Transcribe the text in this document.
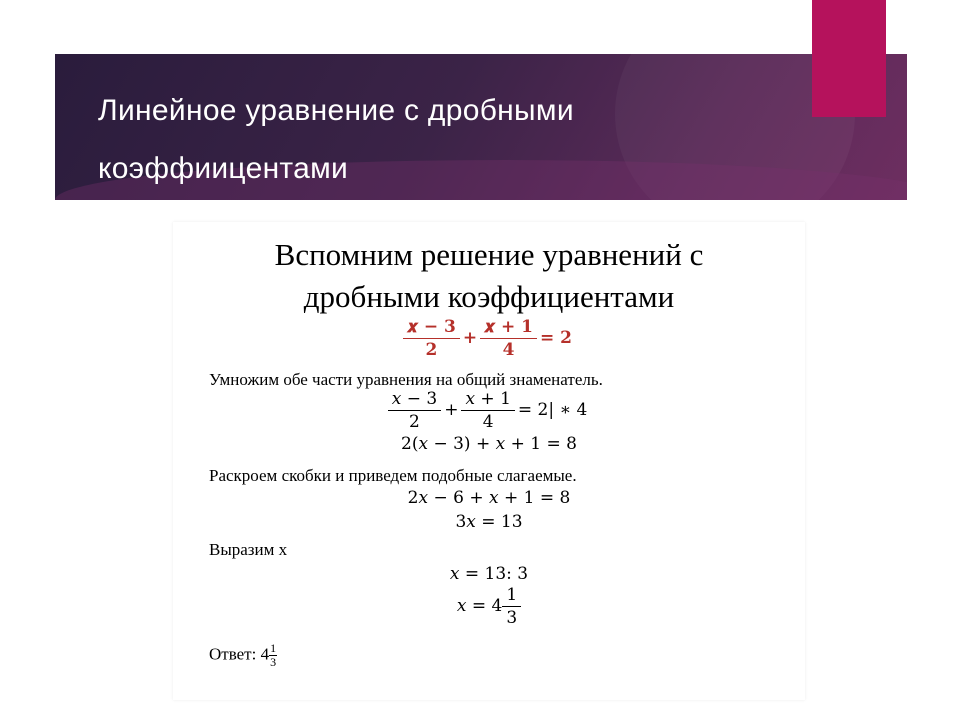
Линейное уравнение с дробными
коэффиицентами
Вспомним решение уравнений с
дробными коэффициентами
$\frac{\text{𝒙 − 𝟑}}{𝟐} + \frac{\text{𝒙 + 𝟏}}{𝟒}$ = 𝟐
Умножим обе части уравнения на общий знаменатель.
$\frac{\text{𝑥 − 3}}{2} + \frac{\text{𝑥 + 1}}{4} = 2|$ ∗ 4
2(𝑥 − 3) + 𝑥 + 1 = 8
Раскроем скобки и приведем подобные слагаемые.
2𝑥 − 6 + 𝑥 + 1 = 8
3𝑥 = 13
Выразим х
𝑥 = 13: 3
𝑥 = $4 \frac{1}{3}$
Ответ: $4 \frac{1}{3}$
